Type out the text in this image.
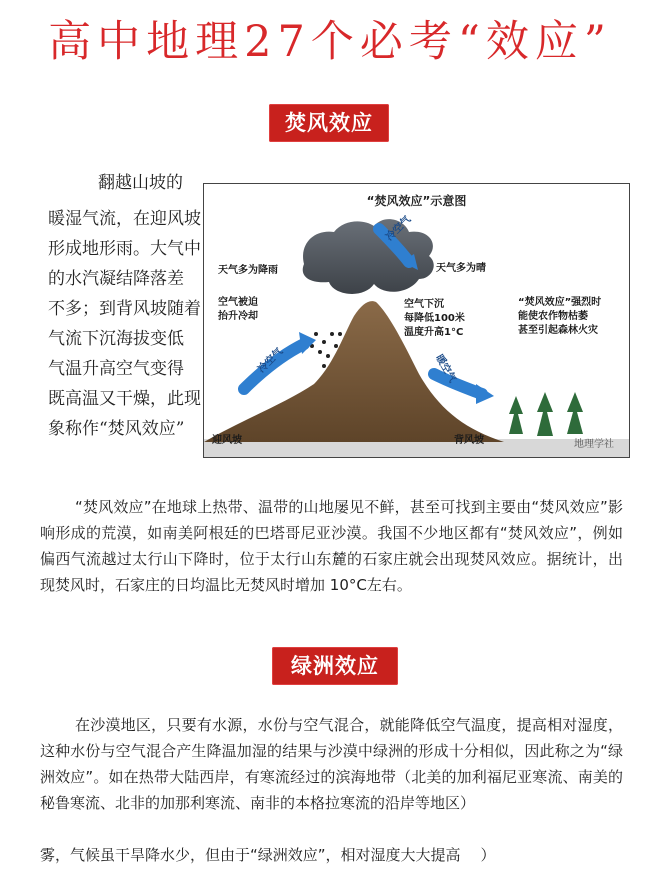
高中地理27个必考“效应”
焚风效应
翻越山坡的
暖湿气流，在迎风坡
形成地形雨。大气中
的水汽凝结降落差
不多；到背风坡随着
气流下沉海拔变低
气温升高空气变得
既高温又干燥，此现
象称作“焚风效应”
“焚风效应”示意图
天气多为降雨	天气多为晴
空气被迫
抬升冷却
空气下沉
每降低100米
温度升高1°C
“焚风效应”强烈时
能使农作物枯萎
甚至引起森林火灾
迎风坡	背风坡
冷空气
冷空气	暖空气
地理学社
“焚风效应”在地球上热带、温带的山地屡见不鲜，甚至可找到主要由“焚风效应”影响形成的荒漠，如南美阿根廷的巴塔哥尼亚沙漠。我国不少地区都有“焚风效应”，例如偏西气流越过太行山下降时，位于太行山东麓的石家庄就会出现焚风效应。据统计，出现焚风时，石家庄的日均温比无焚风时增加 10°C左右。
绿洲效应
在沙漠地区，只要有水源，水份与空气混合，就能降低空气温度，提高相对湿度，这种水份与空气混合产生降温加湿的结果与沙漠中绿洲的形成十分相似，因此称之为“绿洲效应”。如在热带大陆西岸，有寒流经过的滨海地带（北美的加利福尼亚寒流、南美的秘鲁寒流、北非的加那利寒流、南非的本格拉寒流的沿岸等地区）
雾，气候虽干旱降水少，但由于“绿洲效应”，相对湿度大大提高 ）
